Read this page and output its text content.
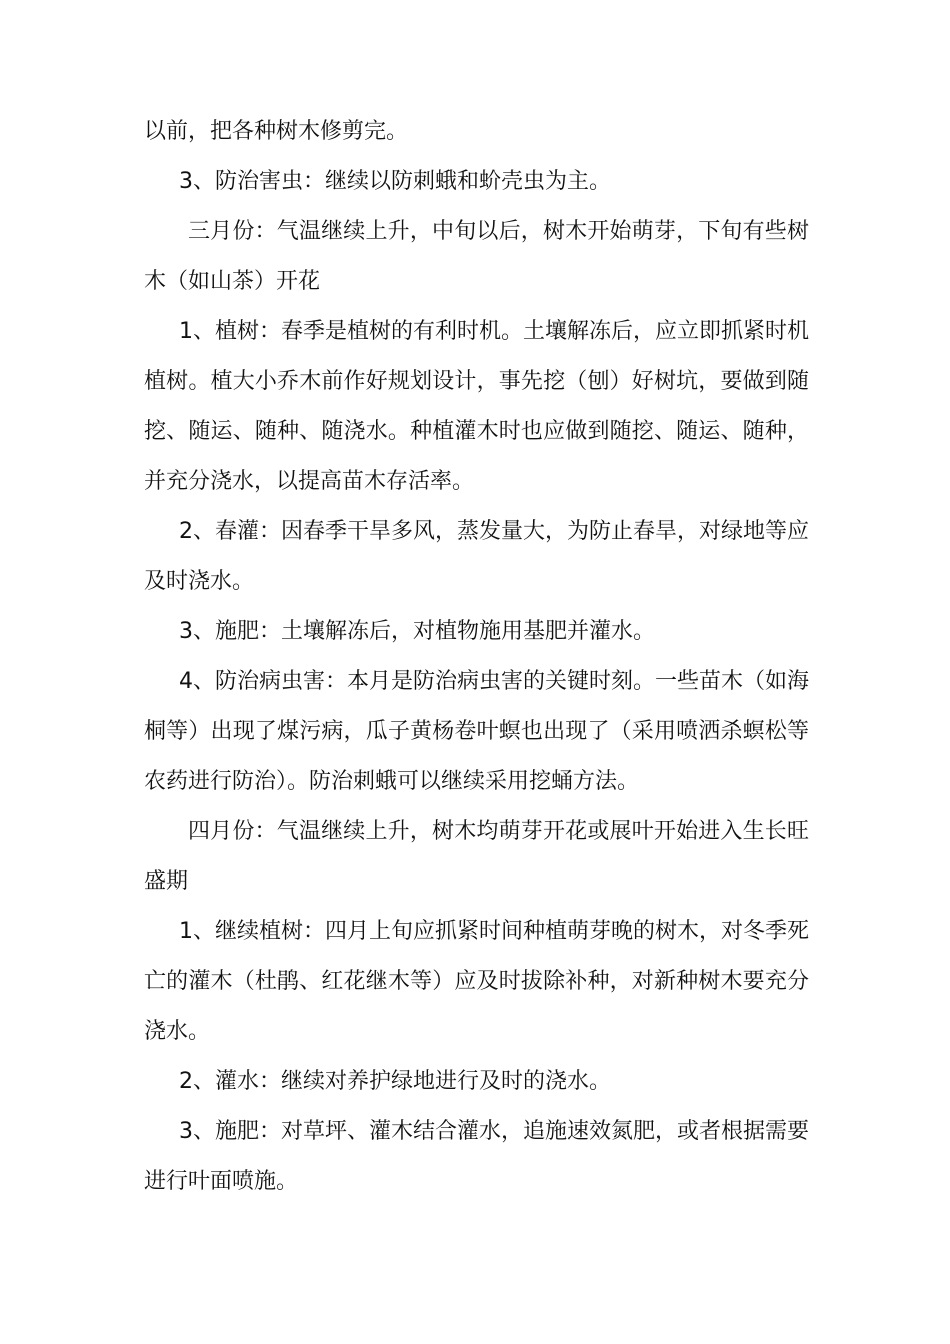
以前，把各种树木修剪完。

3、防治害虫：继续以防刺蛾和蚧壳虫为主。

三月份：气温继续上升，中旬以后，树木开始萌芽，下旬有些树木（如山茶）开花

1、植树：春季是植树的有利时机。土壤解冻后，应立即抓紧时机植树。植大小乔木前作好规划设计，事先挖（刨）好树坑，要做到随挖、随运、随种、随浇水。种植灌木时也应做到随挖、随运、随种，并充分浇水，以提高苗木存活率。

2、春灌：因春季干旱多风，蒸发量大，为防止春旱，对绿地等应及时浇水。

3、施肥：土壤解冻后，对植物施用基肥并灌水。

4、防治病虫害：本月是防治病虫害的关键时刻。一些苗木（如海桐等）出现了煤污病，瓜子黄杨卷叶螟也出现了（采用喷洒杀螟松等农药进行防治）。防治刺蛾可以继续采用挖蛹方法。

四月份：气温继续上升，树木均萌芽开花或展叶开始进入生长旺盛期

1、继续植树：四月上旬应抓紧时间种植萌芽晚的树木，对冬季死亡的灌木（杜鹃、红花继木等）应及时拔除补种，对新种树木要充分浇水。

2、灌水：继续对养护绿地进行及时的浇水。

3、施肥：对草坪、灌木结合灌水，追施速效氮肥，或者根据需要进行叶面喷施。
